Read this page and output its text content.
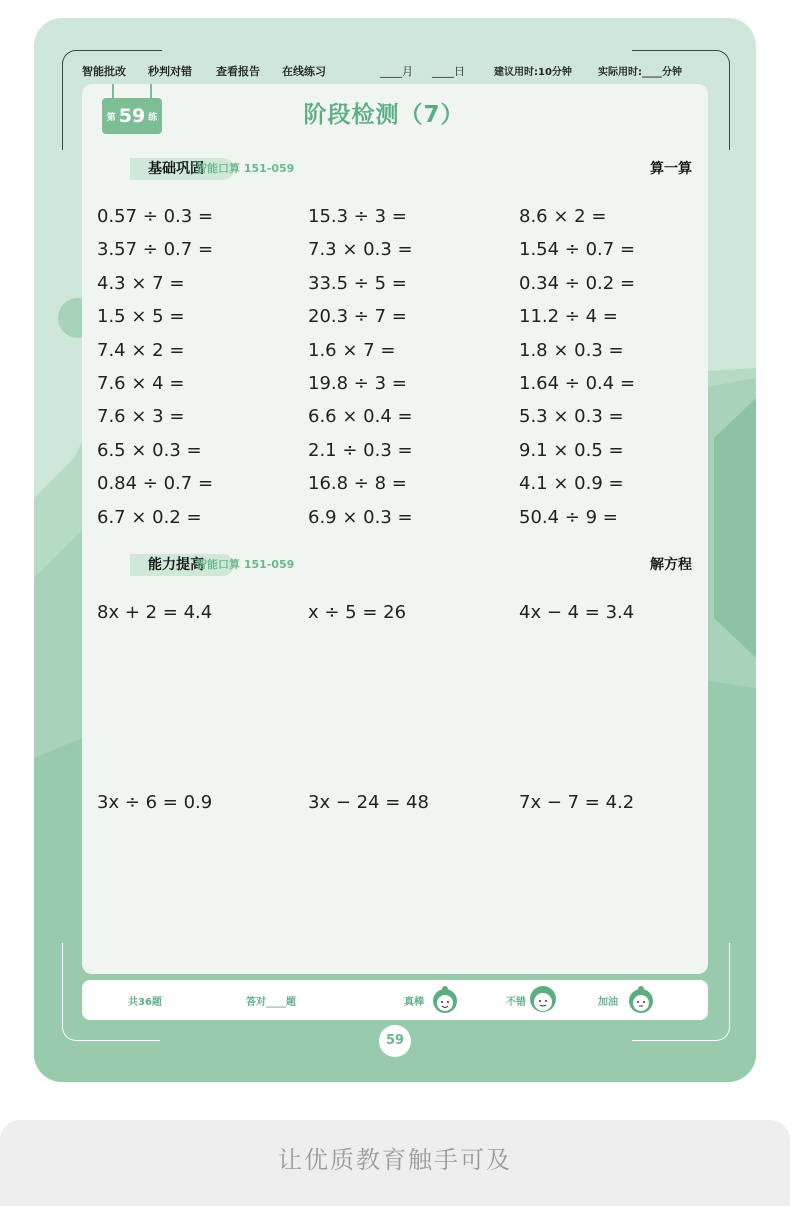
智能批改 秒判对错 查看报告 在线练习	____月 ____日	建议用时:10分钟	实际用时:____分钟
基础巩固
智能口算 151-059	算一算
能力提高
智能口算 151-059	解方程
第 59 练	阶段检测（7）
0.57 ÷ 0.3 =	15.3 ÷ 3 =	8.6 × 2 =
3.57 ÷ 0.7 =	7.3 × 0.3 =	1.54 ÷ 0.7 =
4.3 × 7 =	33.5 ÷ 5 =	0.34 ÷ 0.2 =
1.5 × 5 =	20.3 ÷ 7 =	11.2 ÷ 4 =
7.4 × 2 =	1.6 × 7 =	1.8 × 0.3 =
7.6 × 4 =	19.8 ÷ 3 =	1.64 ÷ 0.4 =
7.6 × 3 =	6.6 × 0.4 =	5.3 × 0.3 =
6.5 × 0.3 =	2.1 ÷ 0.3 =	9.1 × 0.5 =
0.84 ÷ 0.7 =	16.8 ÷ 8 =	4.1 × 0.9 =
6.7 × 0.2 =	6.9 × 0.3 =	50.4 ÷ 9 =
8x + 2 = 4.4	x ÷ 5 = 26	4x − 4 = 3.4
3x ÷ 6 = 0.9	3x − 24 = 48	7x − 7 = 4.2
共36题	答对____题	真棒	不错	加油
59
让优质教育触手可及
